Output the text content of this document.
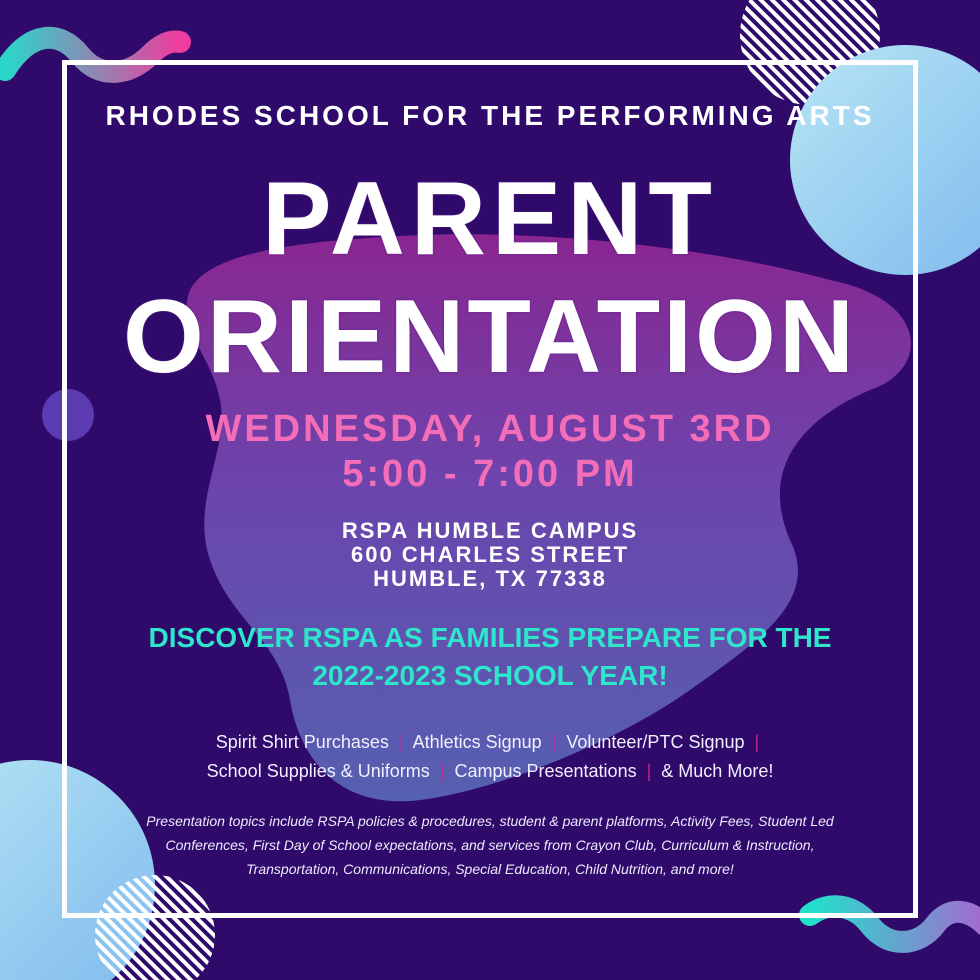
RHODES SCHOOL FOR THE PERFORMING ARTS
PARENT
ORIENTATION
WEDNESDAY, AUGUST 3RD
5:00 - 7:00 PM
RSPA HUMBLE CAMPUS
600 CHARLES STREET
HUMBLE, TX 77338
DISCOVER RSPA AS FAMILIES PREPARE FOR THE
2022-2023 SCHOOL YEAR!
Spirit Shirt Purchases | Athletics Signup | Volunteer/PTC Signup |
School Supplies & Uniforms | Campus Presentations | & Much More!
Presentation topics include RSPA policies & procedures, student & parent platforms, Activity Fees, Student Led
Conferences, First Day of School expectations, and services from Crayon Club, Curriculum & Instruction,
Transportation, Communications, Special Education, Child Nutrition, and more!
